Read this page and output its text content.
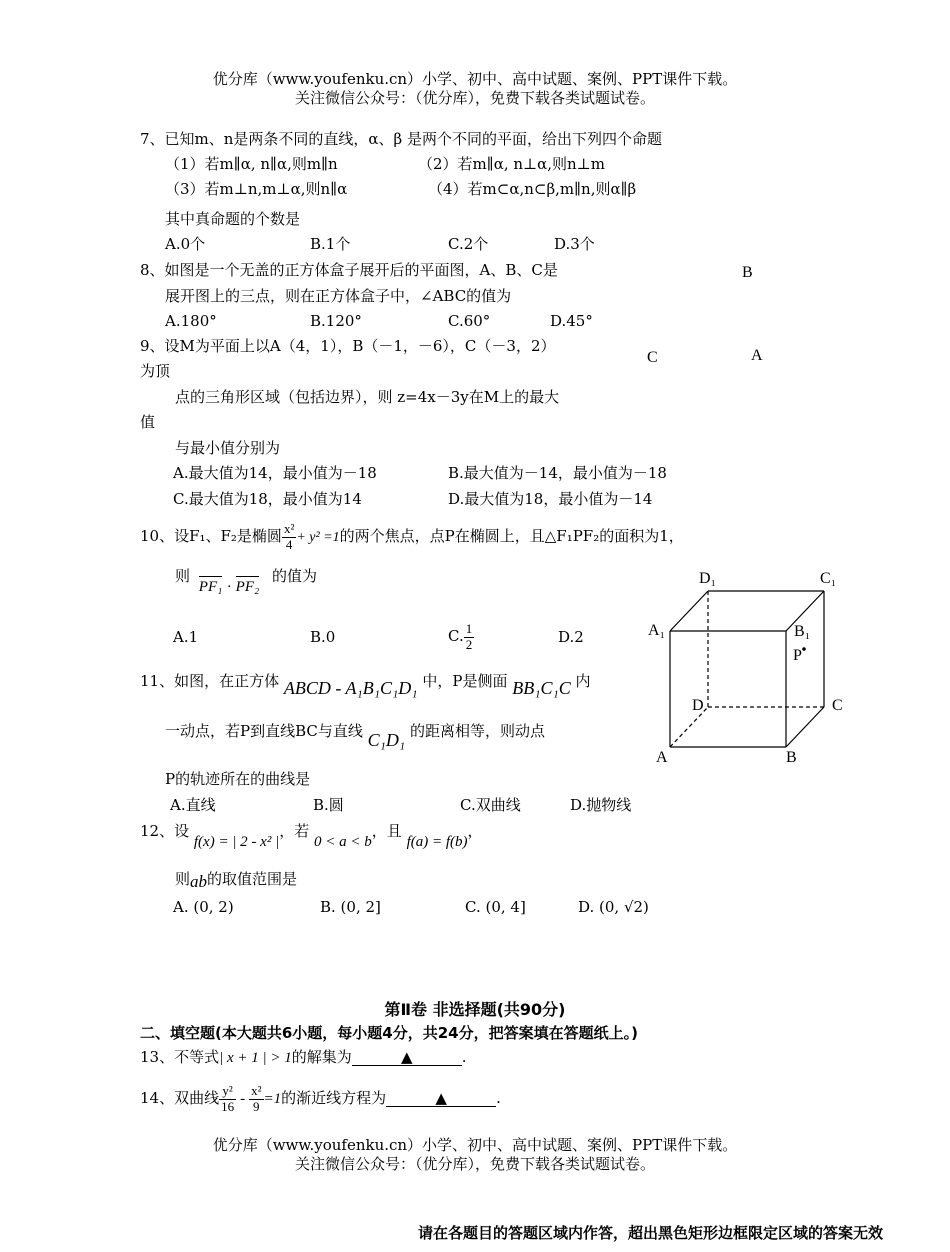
优分库（www.youfenku.cn）小学、初中、高中试题、案例、PPT课件下载。
关注微信公众号：（优分库），免费下载各类试题试卷。
7、已知m、n是两条不同的直线，α、β 是两个不同的平面，给出下列四个命题
（1）若m∥α, n∥α,则m∥n	（2）若m∥α, n⊥α,则n⊥m
（3）若m⊥n,m⊥α,则n∥α	（4）若m⊂α,n⊂β,m∥n,则α∥β
其中真命题的个数是
A.0个	B.1个	C.2个	D.3个
8、如图是一个无盖的正方体盒子展开后的平面图，A、B、C是
展开图上的三点，则在正方体盒子中，∠ABC的值为
A.180°	B.120°	C.60°	D.45°
B
C	A
9、设M为平面上以A（4，1），B（－1，－6），C（－3，2）
为顶
点的三角形区域（包括边界），则 z=4x－3y在M上的最大
值
与最小值分别为
A.最大值为14，最小值为－18	B.最大值为－14，最小值为－18
C.最大值为18，最小值为14	D.最大值为18，最小值为－14
10、设F₁、F₂是椭圆 $\frac{\text{x²}}{4} + y^2 =1$的两个焦点，点P在椭圆上，且△F₁PF₂的面积为1，
则 PF₁ · PF₂ 的值为
A.1	B.0	C. $\frac{1}{2}$	D.2
D₁	C₁
A₁	B₁
P
D	C
A	B
11、如图，在正方体 ABCD - A₁B₁C₁D₁ 中，P是侧面 BB₁C₁C 内
一动点，若P到直线BC与直线 C₁D₁ 的距离相等，则动点
P的轨迹所在的曲线是
A.直线	B.圆	C.双曲线	D.抛物线
12、设 f(x) = | 2 - x² |，若 0 < a < b，且 f(a) = f(b)，
则ab的取值范围是
A. (0, 2)	B. (0, 2]	C. (0, 4]	D. (0, √2)
第Ⅱ卷 非选择题(共90分)
二、填空题(本大题共6小题，每小题4分，共24分，把答案填在答题纸上。)
13、不等式| x + 1 | > 1的解集为	▲	.
14、双曲线 $\frac{\text{y²}}{16} - \frac{\text{x²}}{9} =1$的渐近线方程为	▲	.
优分库（www.youfenku.cn）小学、初中、高中试题、案例、PPT课件下载。
关注微信公众号：（优分库），免费下载各类试题试卷。
请在各题目的答题区域内作答，超出黑色矩形边框限定区域的答案无效
